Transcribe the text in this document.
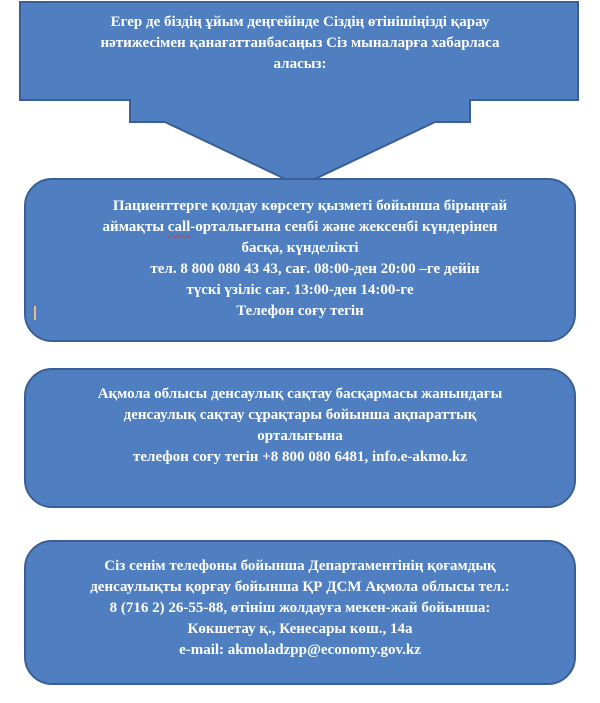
Егер де біздің ұйым деңгейінде Сіздің өтінішіңізді қарау
нәтижесімен қанағаттанбасаңыз Сіз мыналарға хабарласа
аласыз:
Пациенттерге қолдау көрсету қызметі бойынша бірыңғай
аймақты call-орталығына сенбі және жексенбі күндерінен
басқа, күнделікті
тел. 8 800 080 43 43, сағ. 08:00-ден 20:00 –ге дейін
түскі үзіліс сағ. 13:00-ден 14:00-ге
Телефон соғу тегін
Ақмола облысы денсаулық сақтау басқармасы жанындағы
денсаулық сақтау сұрақтары бойынша ақпараттық
орталығына
телефон соғу тегін +8 800 080 6481, info.e-akmo.kz
Сіз сенім телефоны бойынша Департаментінің қоғамдық
денсаулықты қорғау бойынша ҚР ДСМ Ақмола облысы тел.:
8 (716 2) 26-55-88, өтініш жолдауға мекен-жай бойынша:
Көкшетау қ., Кенесары көш., 14а
e-mail: akmoladzpp@economy.gov.kz
